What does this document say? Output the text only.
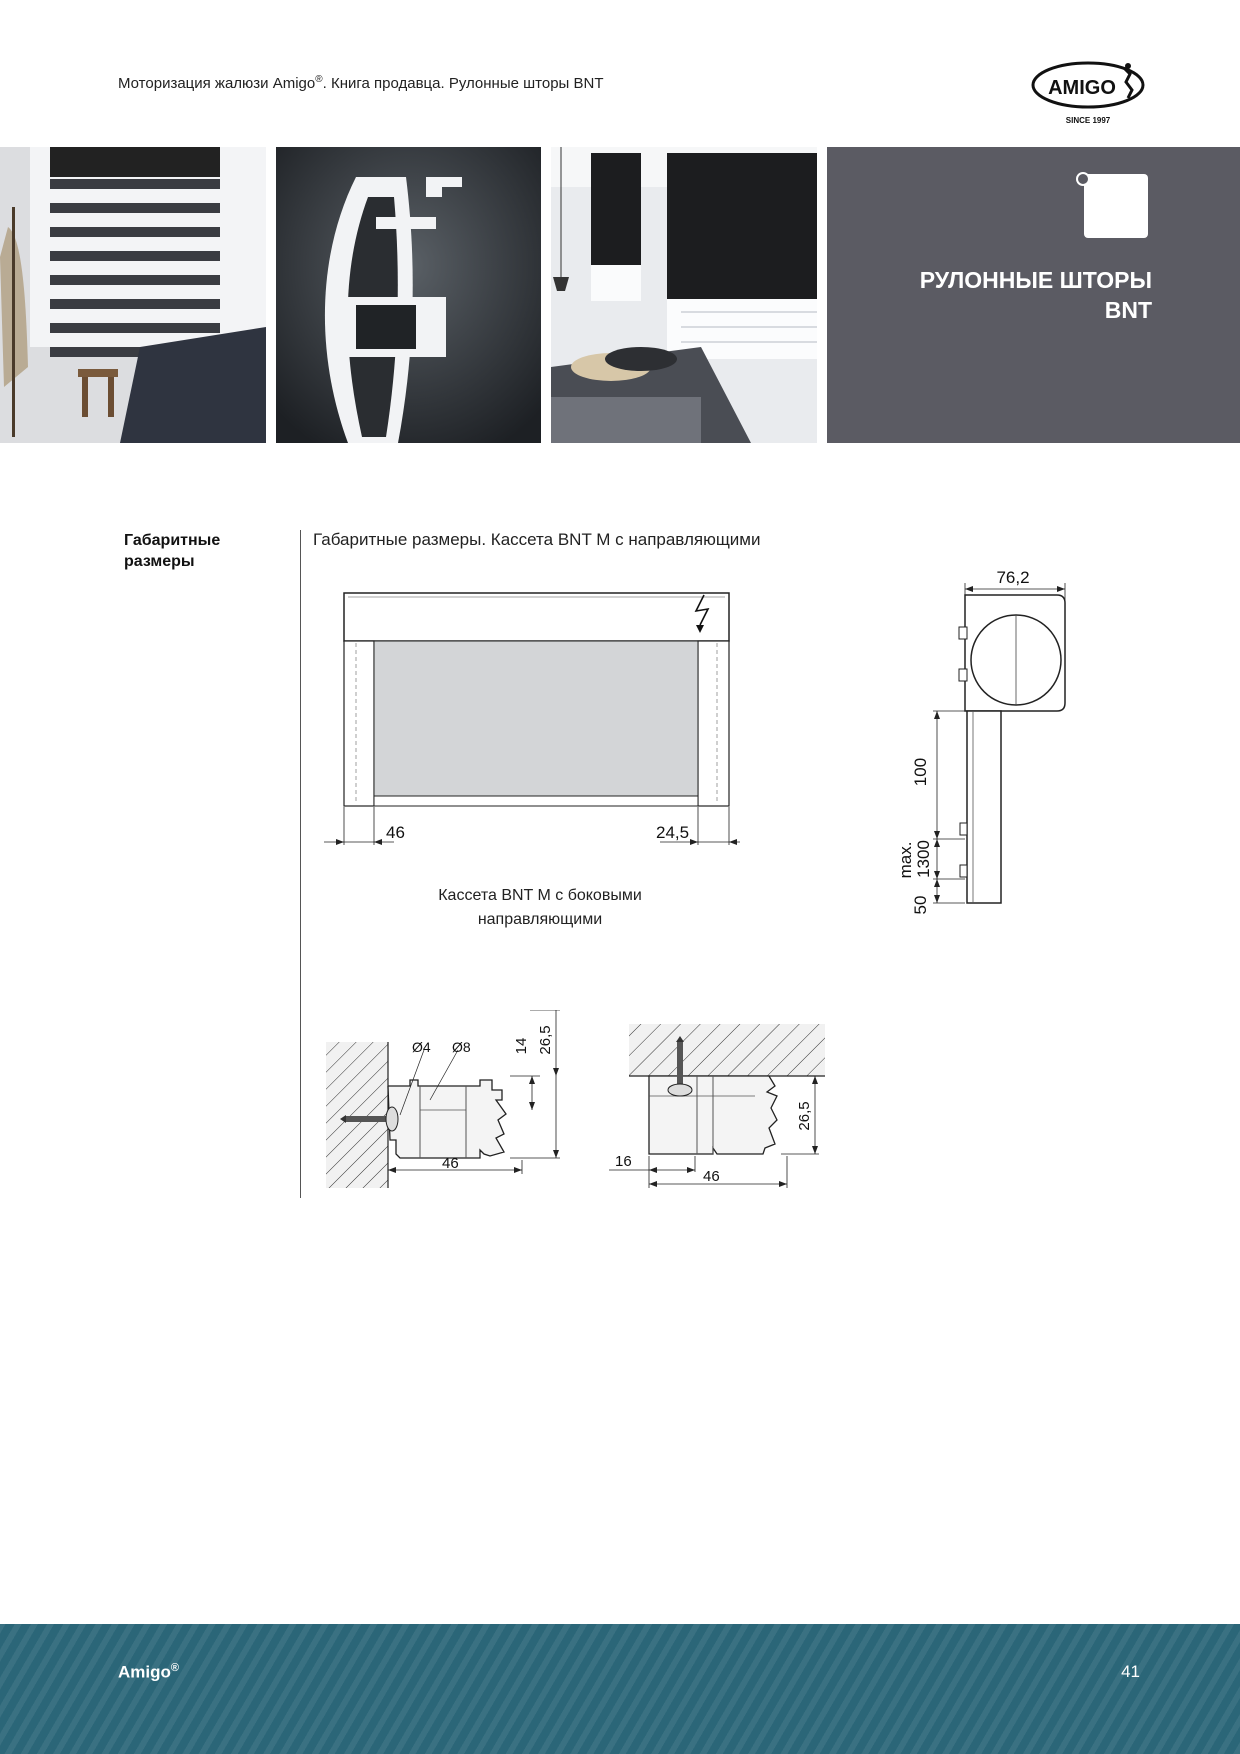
Моторизация жалюзи Amigo®. Книга продавца. Рулонные шторы BNT	AMIGO
SINCE 1997
РУЛОННЫЕ ШТОРЫ
BNT
Габаритные
размеры
Габаритные размеры. Кассета BNT M с направляющими
46	24,5
Кассета BNT M с боковыми
направляющими
76,2
100
max. 1300
50
Ø4 Ø8	14 26,5
46
26,5
16
46
Amigo®	41
